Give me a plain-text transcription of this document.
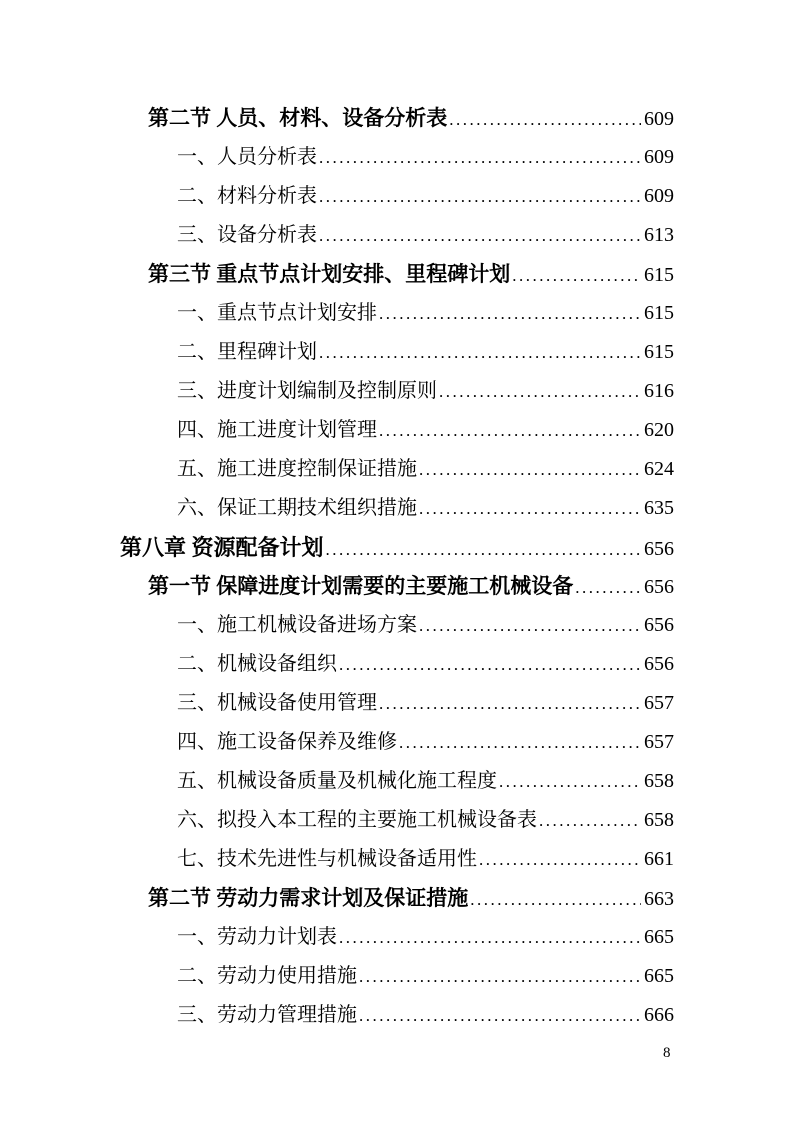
第二节 人员、材料、设备分析表 .....	609
一、人员分析表 .....	609
二、材料分析表 .....	609
三、设备分析表 .....	613
第三节 重点节点计划安排、里程碑计划 .....	615
一、重点节点计划安排 .....	615
二、里程碑计划 .....	615
三、进度计划编制及控制原则 .....	616
四、施工进度计划管理 .....	620
五、施工进度控制保证措施 .....	624
六、保证工期技术组织措施 .....	635
第八章 资源配备计划 .....	656
第一节 保障进度计划需要的主要施工机械设备 .....	656
一、施工机械设备进场方案 .....	656
二、机械设备组织 .....	656
三、机械设备使用管理 .....	657
四、施工设备保养及维修 .....	657
五、机械设备质量及机械化施工程度 .....	658
六、拟投入本工程的主要施工机械设备表 .....	658
七、技术先进性与机械设备适用性 .....	661
第二节 劳动力需求计划及保证措施 .....	663
一、劳动力计划表 .....	665
二、劳动力使用措施 .....	665
三、劳动力管理措施 .....	666
8
